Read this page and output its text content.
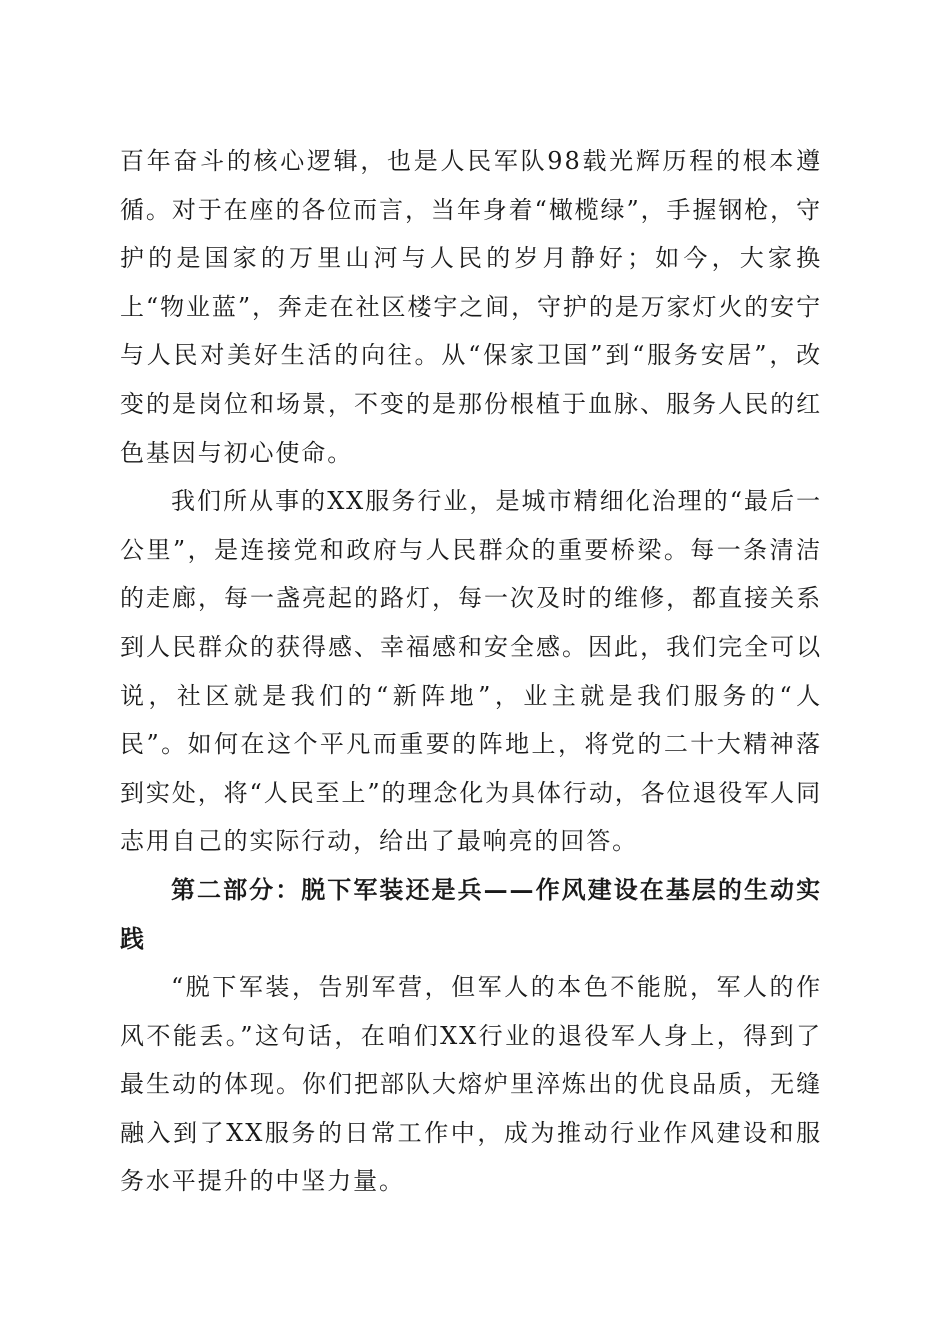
百年奋斗的核心逻辑，也是人民军队98载光辉历程的根本遵循。对于在座的各位而言，当年身着“橄榄绿”，手握钢枪，守护的是国家的万里山河与人民的岁月静好；如今，大家换上“物业蓝”，奔走在社区楼宇之间，守护的是万家灯火的安宁与人民对美好生活的向往。从“保家卫国”到“服务安居”，改变的是岗位和场景，不变的是那份根植于血脉、服务人民的红色基因与初心使命。

我们所从事的XX服务行业，是城市精细化治理的“最后一公里”，是连接党和政府与人民群众的重要桥梁。每一条清洁的走廊，每一盏亮起的路灯，每一次及时的维修，都直接关系到人民群众的获得感、幸福感和安全感。因此，我们完全可以说，社区就是我们的“新阵地”，业主就是我们服务的“人民”。如何在这个平凡而重要的阵地上，将党的二十大精神落到实处，将“人民至上”的理念化为具体行动，各位退役军人同志用自己的实际行动，给出了最响亮的回答。

第二部分：脱下军装还是兵——作风建设在基层的生动实践

“脱下军装，告别军营，但军人的本色不能脱，军人的作风不能丢。”这句话，在咱们XX行业的退役军人身上，得到了最生动的体现。你们把部队大熔炉里淬炼出的优良品质，无缝融入到了XX服务的日常工作中，成为推动行业作风建设和服务水平提升的中坚力量。
